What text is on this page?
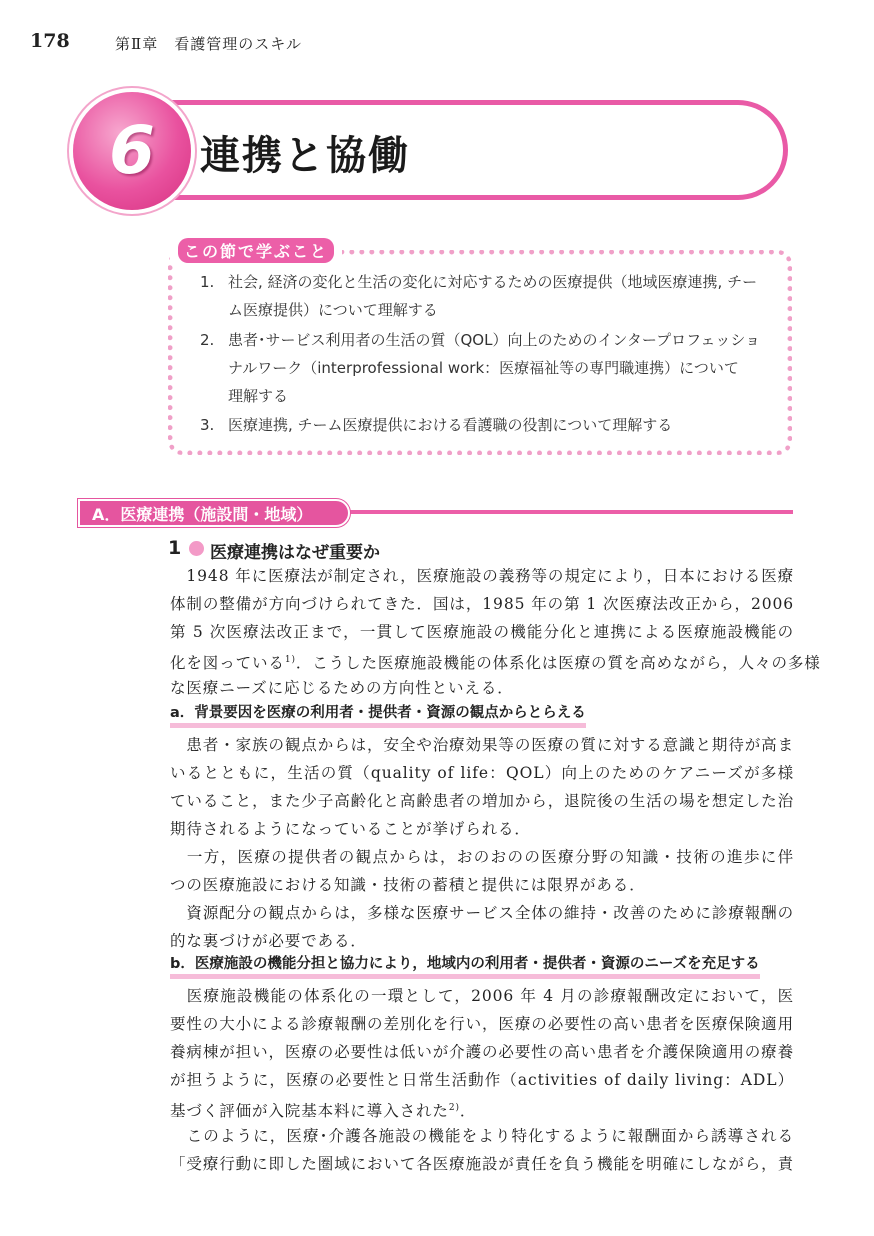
178	第Ⅱ章　看護管理のスキル
6	連携と協働
この節で学ぶこと
1. 社会, 経済の変化と生活の変化に対応するための医療提供（地域医療連携, チー
ム医療提供）について理解する
2. 患者･サービス利用者の生活の質（QOL）向上のためのインタープロフェッショ
ナルワーク（interprofessional work：医療福祉等の専門職連携）について
理解する
3. 医療連携, チーム医療提供における看護職の役割について理解する
A．医療連携（施設間・地域）
1 医療連携はなぜ重要か
　1948 年に医療法が制定され，医療施設の義務等の規定により，日本における医療
体制の整備が方向づけられてきた．国は，1985 年の第 1 次医療法改正から，2006
第 5 次医療法改正まで，一貫して医療施設の機能分化と連携による医療施設機能の
化を図っている$^{1)}$．こうした医療施設機能の体系化は医療の質を高めながら，人々の多様
な医療ニーズに応じるための方向性といえる．
a．背景要因を医療の利用者・提供者・資源の観点からとらえる
　患者・家族の観点からは，安全や治療効果等の医療の質に対する意識と期待が高ま
いるとともに，生活の質（quality of life：QOL）向上のためのケアニーズが多様
ていること，また少子高齢化と高齢患者の増加から，退院後の生活の場を想定した治
期待されるようになっていることが挙げられる．
　一方，医療の提供者の観点からは，おのおのの医療分野の知識・技術の進歩に伴
つの医療施設における知識・技術の蓄積と提供には限界がある．
　資源配分の観点からは，多様な医療サービス全体の維持・改善のために診療報酬の
的な裏づけが必要である．
b．医療施設の機能分担と協力により，地域内の利用者・提供者・資源のニーズを充足する
　医療施設機能の体系化の一環として，2006 年 4 月の診療報酬改定において，医
要性の大小による診療報酬の差別化を行い，医療の必要性の高い患者を医療保険適用
養病棟が担い，医療の必要性は低いが介護の必要性の高い患者を介護保険適用の療養
が担うように，医療の必要性と日常生活動作（activities of daily living：ADL）
基づく評価が入院基本料に導入された$^{2)}$．
　このように，医療･介護各施設の機能をより特化するように報酬面から誘導される
「受療行動に即した圏域において各医療施設が責任を負う機能を明確にしながら，責
